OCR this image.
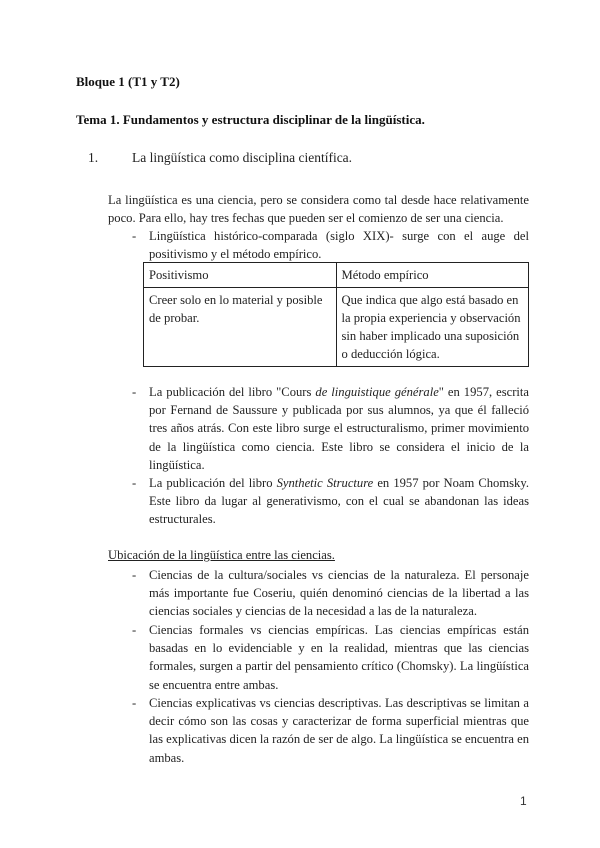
Bloque 1 (T1 y T2)
Tema 1. Fundamentos y estructura disciplinar de la lingüística.
1.	La lingüística como disciplina científica.
La lingüística es una ciencia, pero se considera como tal desde hace relativamente poco. Para ello, hay tres fechas que pueden ser el comienzo de ser una ciencia.
- Lingüística histórico-comparada (siglo XIX)- surge con el auge del positivismo y el método empírico.
Positivismo	Método empírico
Creer solo en lo material y posible de probar.	Que indica que algo está basado en la propia experiencia y observación sin haber implicado una suposición o deducción lógica.
- La publicación del libro "Cours de linguistique générale" en 1957, escrita por Fernand de Saussure y publicada por sus alumnos, ya que él falleció tres años atrás. Con este libro surge el estructuralismo, primer movimiento de la lingüística como ciencia. Este libro se considera el inicio de la lingüística.
- La publicación del libro Synthetic Structure en 1957 por Noam Chomsky. Este libro da lugar al generativismo, con el cual se abandonan las ideas estructurales.
Ubicación de la lingüística entre las ciencias.
- Ciencias de la cultura/sociales vs ciencias de la naturaleza. El personaje más importante fue Coseriu, quién denominó ciencias de la libertad a las ciencias sociales y ciencias de la necesidad a las de la naturaleza.
- Ciencias formales vs ciencias empíricas. Las ciencias empíricas están basadas en lo evidenciable y en la realidad, mientras que las ciencias formales, surgen a partir del pensamiento crítico (Chomsky). La lingüística se encuentra entre ambas.
- Ciencias explicativas vs ciencias descriptivas. Las descriptivas se limitan a decir cómo son las cosas y caracterizar de forma superficial mientras que las explicativas dicen la razón de ser de algo. La lingüística se encuentra en ambas.
1
